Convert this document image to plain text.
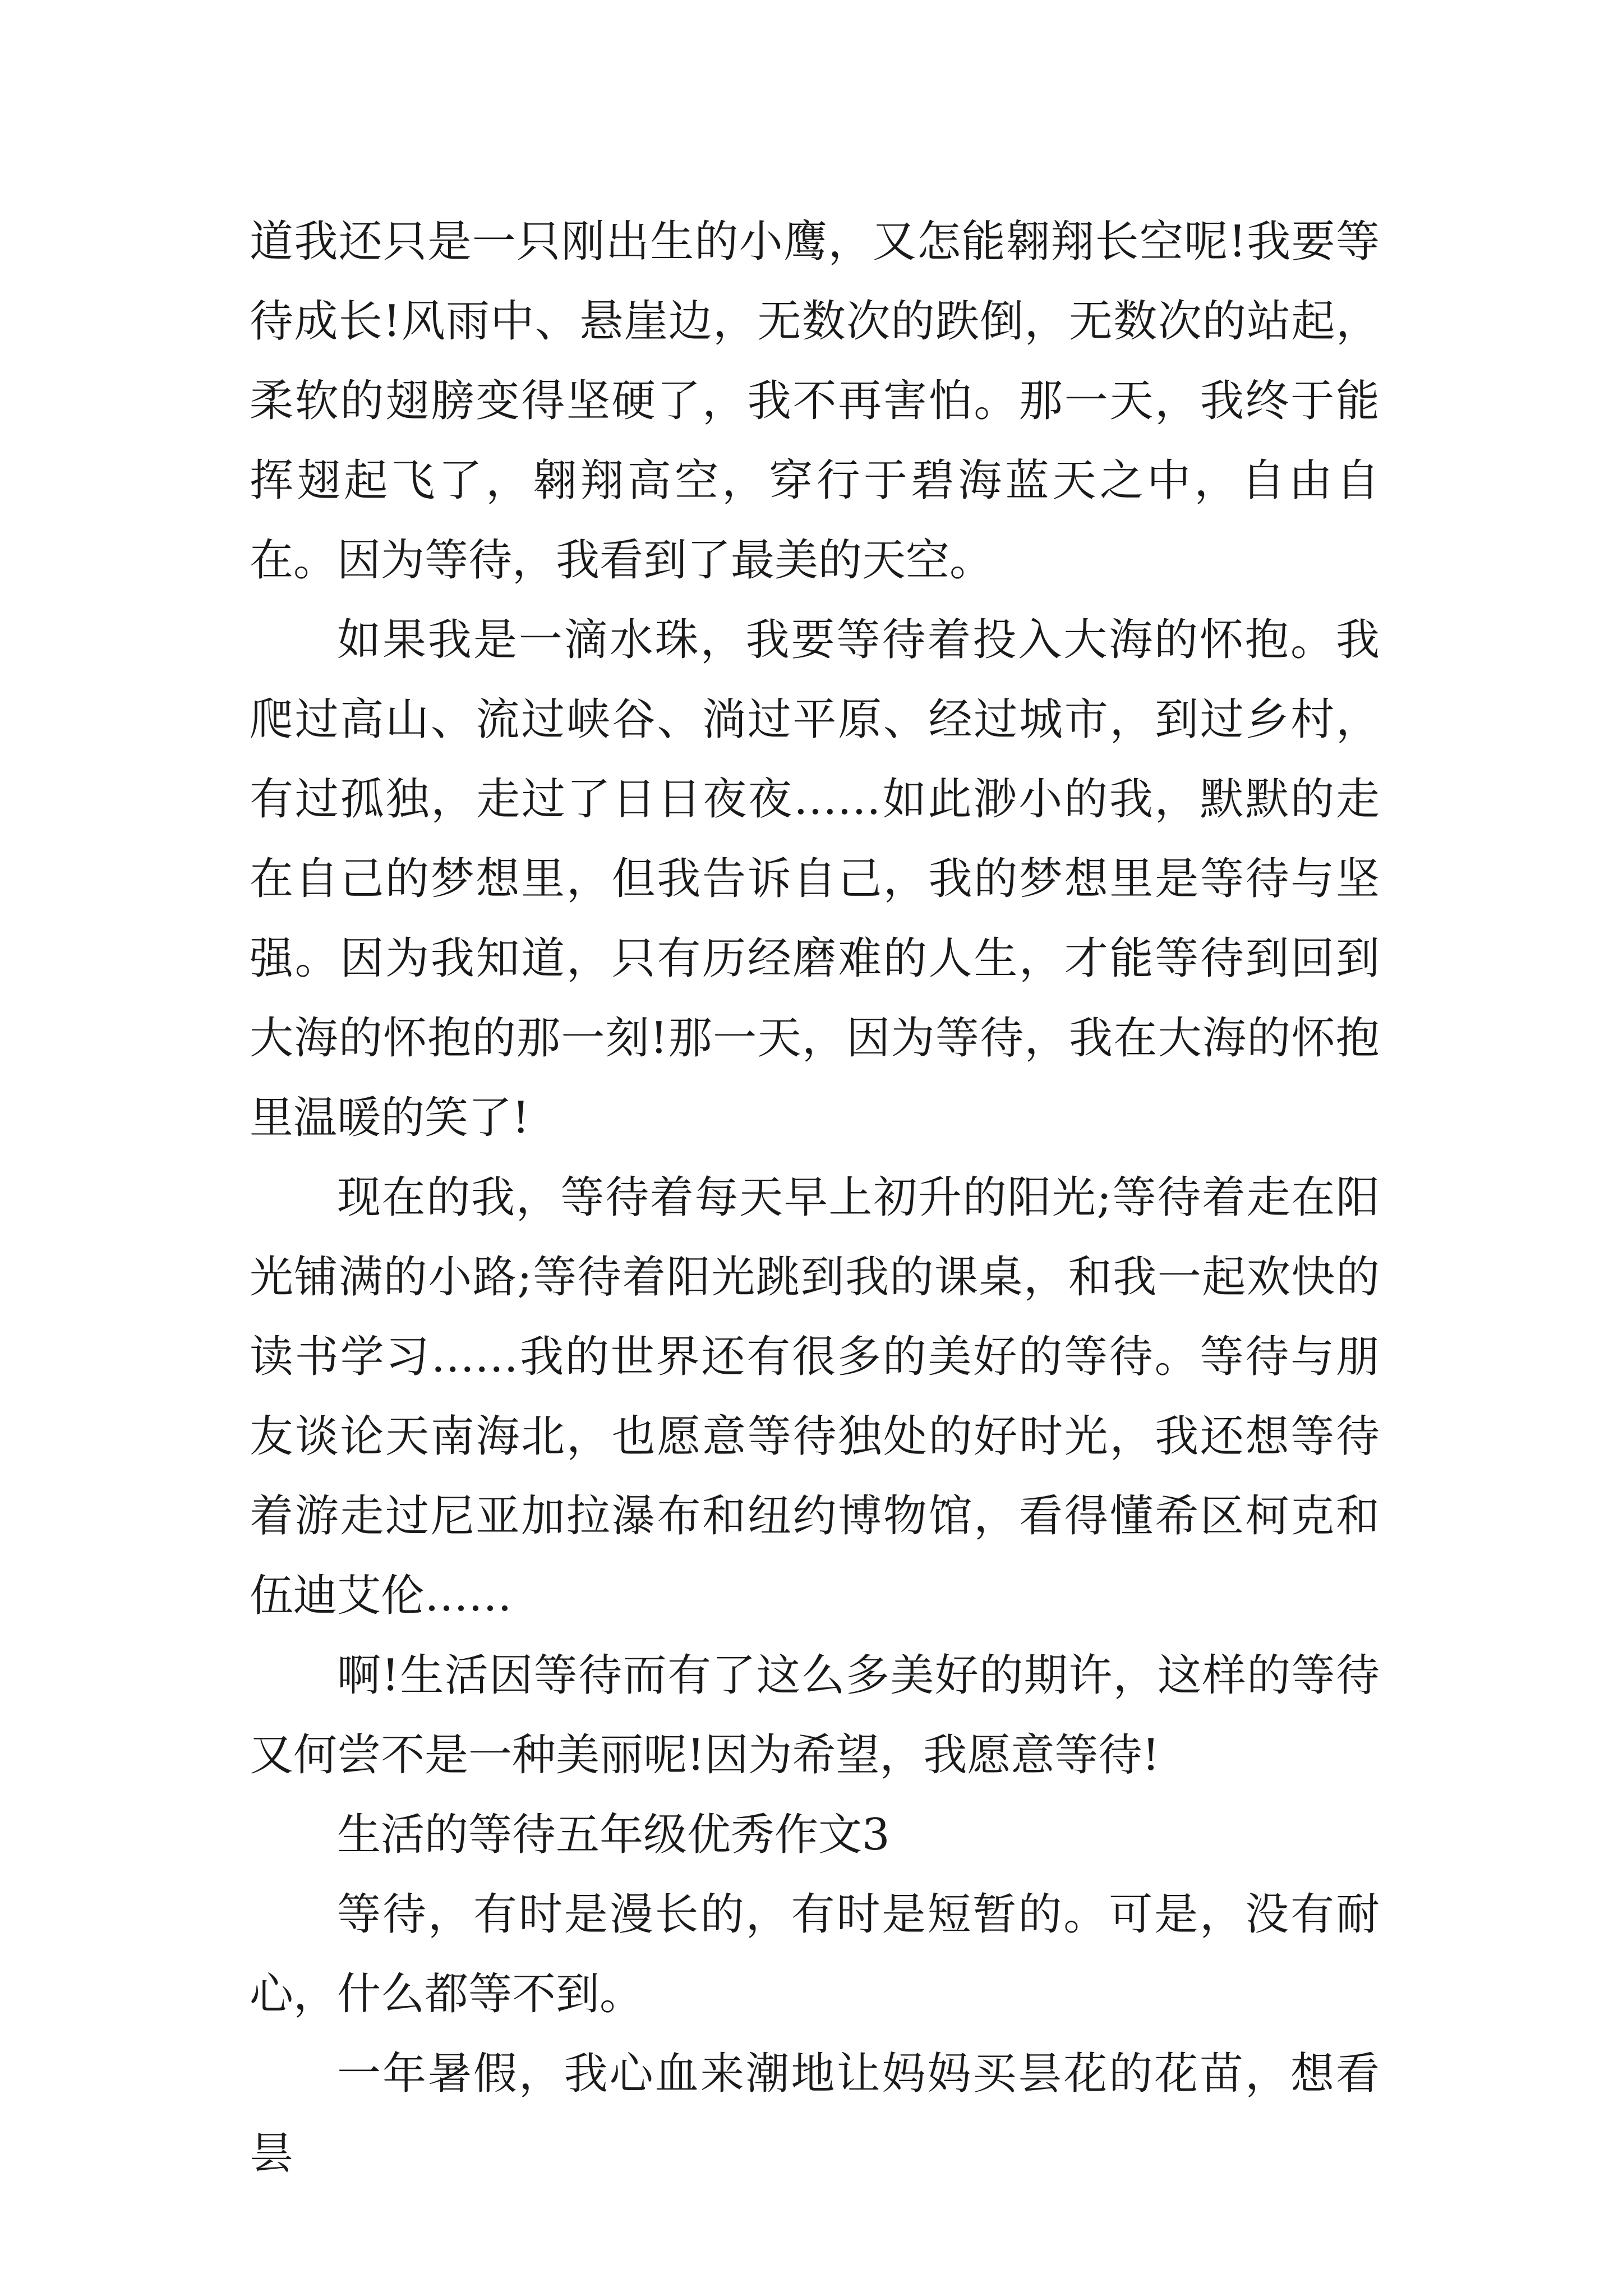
道我还只是一只刚出生的小鹰，又怎能翱翔长空呢!我要等待成长!风雨中、悬崖边，无数次的跌倒，无数次的站起，柔软的翅膀变得坚硬了，我不再害怕。那一天，我终于能挥翅起飞了，翱翔高空，穿行于碧海蓝天之中，自由自在。因为等待，我看到了最美的天空。

如果我是一滴水珠，我要等待着投入大海的怀抱。我爬过高山、流过峡谷、淌过平原、经过城市，到过乡村，有过孤独，走过了日日夜夜……如此渺小的我，默默的走在自己的梦想里，但我告诉自己，我的梦想里是等待与坚强。因为我知道，只有历经磨难的人生，才能等待到回到大海的怀抱的那一刻!那一天，因为等待，我在大海的怀抱里温暖的笑了!

现在的我，等待着每天早上初升的阳光;等待着走在阳光铺满的小路;等待着阳光跳到我的课桌，和我一起欢快的读书学习……我的世界还有很多的美好的等待。等待与朋友谈论天南海北，也愿意等待独处的好时光，我还想等待着游走过尼亚加拉瀑布和纽约博物馆，看得懂希区柯克和伍迪艾伦……

啊!生活因等待而有了这么多美好的期许，这样的等待又何尝不是一种美丽呢!因为希望，我愿意等待!

生活的等待五年级优秀作文3

等待，有时是漫长的，有时是短暂的。可是，没有耐心，什么都等不到。

一年暑假，我心血来潮地让妈妈买昙花的花苗，想看昙
